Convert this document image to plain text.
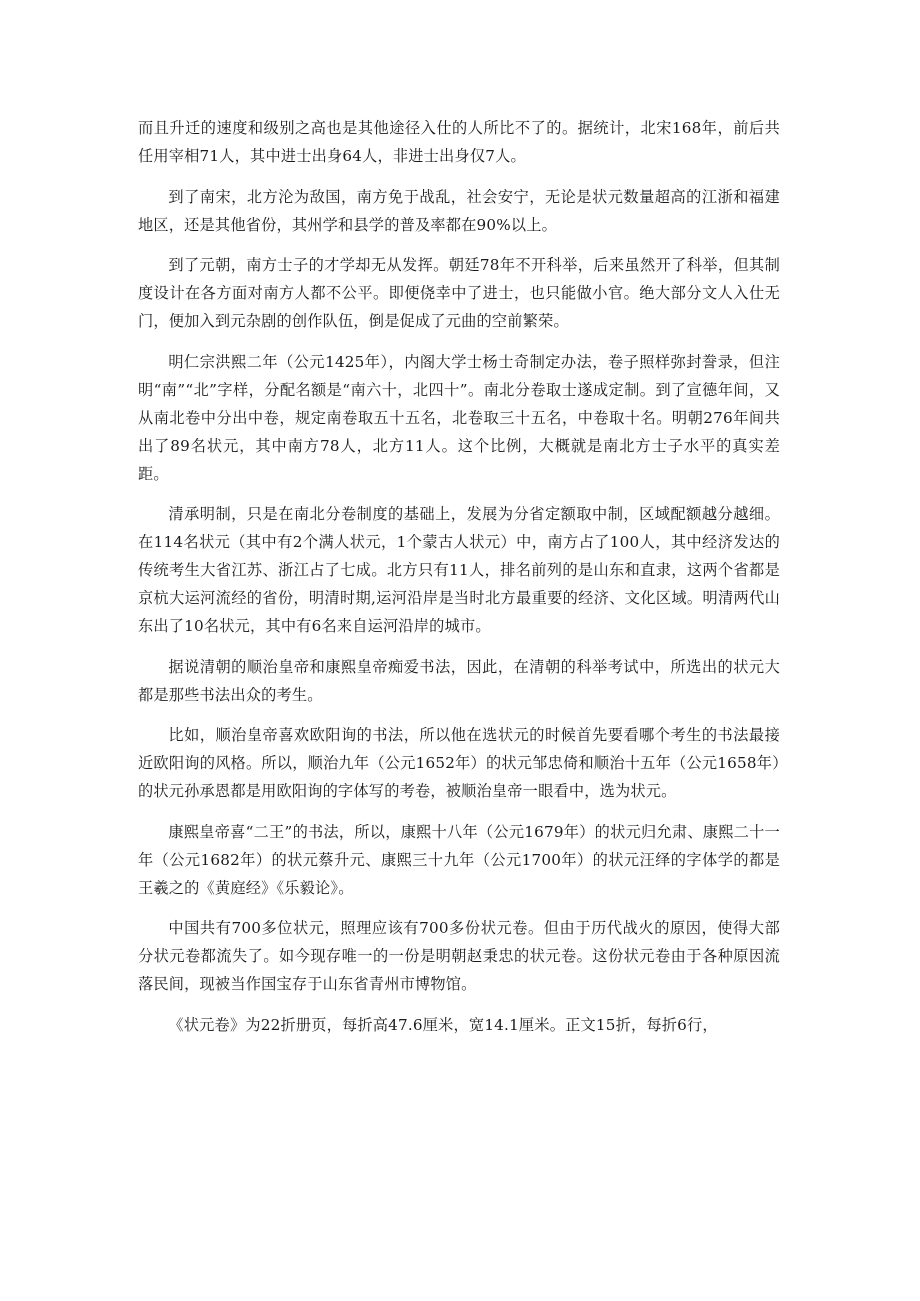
而且升迁的速度和级别之高也是其他途径入仕的人所比不了的。据统计，北宋168年，前后共任用宰相71人，其中进士出身64人，非进士出身仅7人。

到了南宋，北方沦为敌国，南方免于战乱，社会安宁，无论是状元数量超高的江浙和福建地区，还是其他省份，其州学和县学的普及率都在90%以上。

到了元朝，南方士子的才学却无从发挥。朝廷78年不开科举，后来虽然开了科举，但其制度设计在各方面对南方人都不公平。即便侥幸中了进士，也只能做小官。绝大部分文人入仕无门，便加入到元杂剧的创作队伍，倒是促成了元曲的空前繁荣。

明仁宗洪熙二年（公元1425年），内阁大学士杨士奇制定办法，卷子照样弥封誊录，但注明“南”“北”字样，分配名额是“南六十，北四十”。南北分卷取士遂成定制。到了宣德年间，又从南北卷中分出中卷，规定南卷取五十五名，北卷取三十五名，中卷取十名。明朝276年间共出了89名状元，其中南方78人，北方11人。这个比例，大概就是南北方士子水平的真实差距。

清承明制，只是在南北分卷制度的基础上，发展为分省定额取中制，区域配额越分越细。在114名状元（其中有2个满人状元，1个蒙古人状元）中，南方占了100人，其中经济发达的传统考生大省江苏、浙江占了七成。北方只有11人，排名前列的是山东和直隶，这两个省都是京杭大运河流经的省份，明清时期,运河沿岸是当时北方最重要的经济、文化区域。明清两代山东出了10名状元，其中有6名来自运河沿岸的城市。

据说清朝的顺治皇帝和康熙皇帝痴爱书法，因此，在清朝的科举考试中，所选出的状元大都是那些书法出众的考生。

比如，顺治皇帝喜欢欧阳询的书法，所以他在选状元的时候首先要看哪个考生的书法最接近欧阳询的风格。所以，顺治九年（公元1652年）的状元邹忠倚和顺治十五年（公元1658年）的状元孙承恩都是用欧阳询的字体写的考卷，被顺治皇帝一眼看中，选为状元。

康熙皇帝喜“二王”的书法，所以，康熙十八年（公元1679年）的状元归允肃、康熙二十一年（公元1682年）的状元蔡升元、康熙三十九年（公元1700年）的状元汪绎的字体学的都是王羲之的《黄庭经》《乐毅论》。

中国共有700多位状元，照理应该有700多份状元卷。但由于历代战火的原因，使得大部分状元卷都流失了。如今现存唯一的一份是明朝赵秉忠的状元卷。这份状元卷由于各种原因流落民间，现被当作国宝存于山东省青州市博物馆。

《状元卷》为22折册页，每折高47.6厘米，宽14.1厘米。正文15折，每折6行，
